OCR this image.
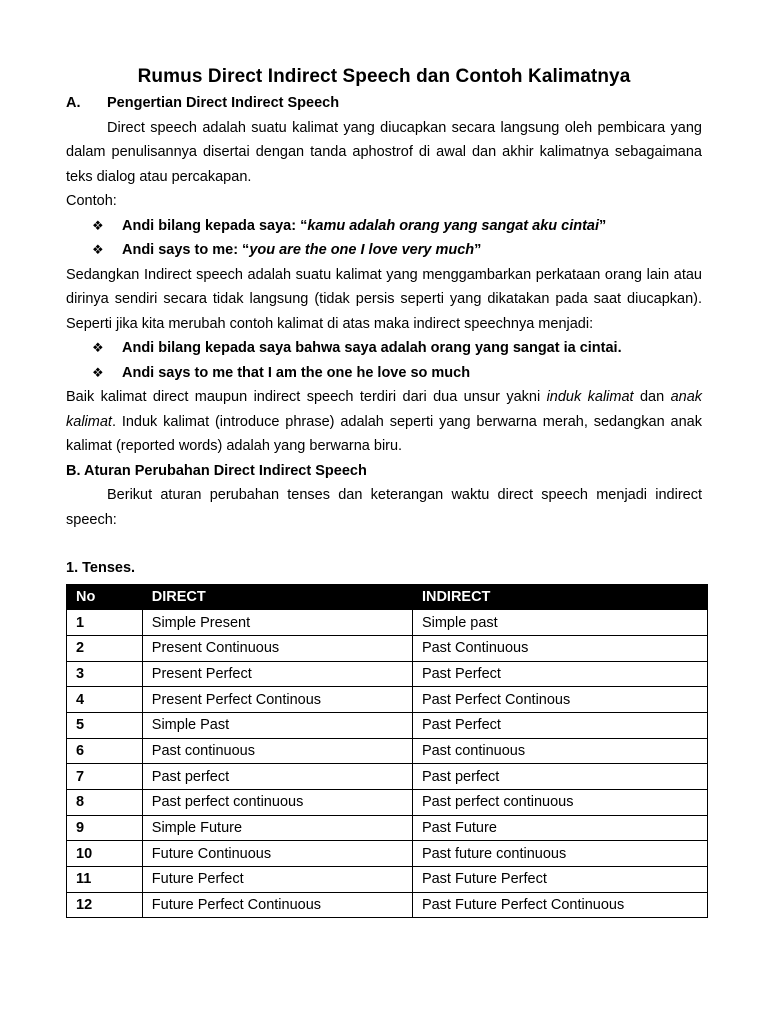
Rumus Direct Indirect Speech dan Contoh Kalimatnya

A. Pengertian Direct Indirect Speech

Direct speech adalah suatu kalimat yang diucapkan secara langsung oleh pembicara yang dalam penulisannya disertai dengan tanda aphostrof di awal dan akhir kalimatnya sebagaimana teks dialog atau percakapan.

Contoh:

❖	Andi bilang kepada saya: “kamu adalah orang yang sangat aku cintai”
❖	Andi says to me: “you are the one I love very much”

Sedangkan Indirect speech adalah suatu kalimat yang menggambarkan perkataan orang lain atau dirinya sendiri secara tidak langsung (tidak persis seperti yang dikatakan pada saat diucapkan). Seperti jika kita merubah contoh kalimat di atas maka indirect speechnya menjadi:

❖	Andi bilang kepada saya bahwa saya adalah orang yang sangat ia cintai.
❖	Andi says to me that I am the one he love so much

Baik kalimat direct maupun indirect speech terdiri dari dua unsur yakni induk kalimat dan anak kalimat. Induk kalimat (introduce phrase) adalah seperti yang berwarna merah, sedangkan anak kalimat (reported words) adalah yang berwarna biru.

B. Aturan Perubahan Direct Indirect Speech

Berikut aturan perubahan tenses dan keterangan waktu direct speech menjadi indirect speech:

1. Tenses.

No	DIRECT	INDIRECT
1	Simple Present	Simple past
2	Present Continuous	Past Continuous
3	Present Perfect	Past Perfect
4	Present Perfect Continous	Past Perfect Continous
5	Simple Past	Past Perfect
6	Past continuous	Past continuous
7	Past perfect	Past perfect
8	Past perfect continuous	Past perfect continuous
9	Simple Future	Past Future
10	Future Continuous	Past future continuous
11	Future Perfect	Past Future Perfect
12	Future Perfect Continuous	Past Future Perfect Continuous
